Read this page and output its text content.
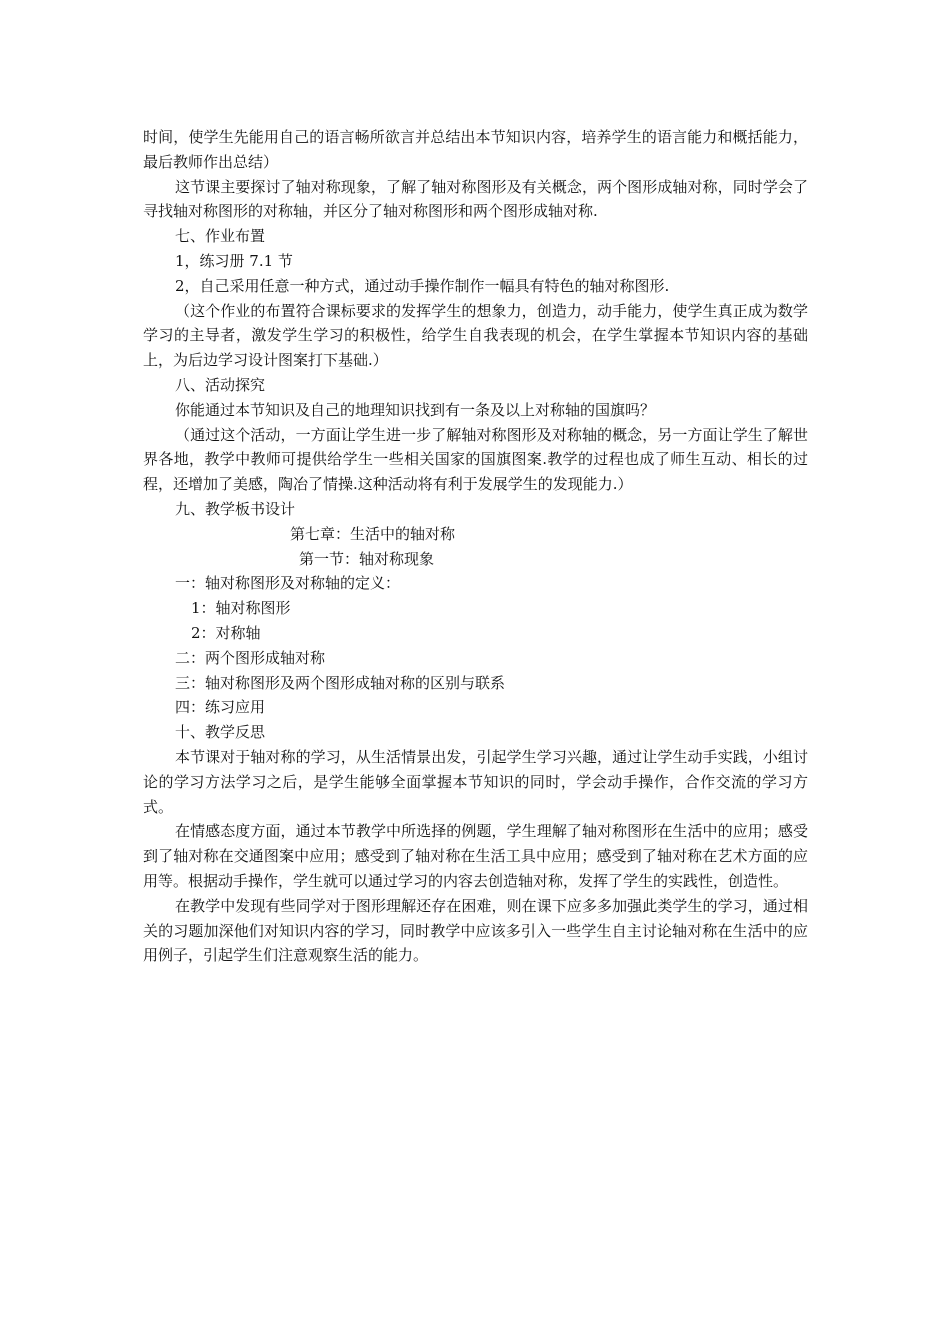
时间，使学生先能用自己的语言畅所欲言并总结出本节知识内容，培养学生的语言能力和概括能力，最后教师作出总结）

这节课主要探讨了轴对称现象，了解了轴对称图形及有关概念，两个图形成轴对称，同时学会了寻找轴对称图形的对称轴，并区分了轴对称图形和两个图形成轴对称.

七、作业布置

1，练习册 7.1 节

2，自己采用任意一种方式，通过动手操作制作一幅具有特色的轴对称图形.

（这个作业的布置符合课标要求的发挥学生的想象力，创造力，动手能力，使学生真正成为数学学习的主导者，激发学生学习的积极性，给学生自我表现的机会，在学生掌握本节知识内容的基础上，为后边学习设计图案打下基础.）

八、活动探究

你能通过本节知识及自己的地理知识找到有一条及以上对称轴的国旗吗？

（通过这个活动，一方面让学生进一步了解轴对称图形及对称轴的概念，另一方面让学生了解世界各地，教学中教师可提供给学生一些相关国家的国旗图案.教学的过程也成了师生互动、相长的过程，还增加了美感，陶冶了情操.这种活动将有利于发展学生的发现能力.）

九、教学板书设计

第七章：生活中的轴对称

第一节：轴对称现象

一：轴对称图形及对称轴的定义：

1：轴对称图形

2：对称轴

二：两个图形成轴对称

三：轴对称图形及两个图形成轴对称的区别与联系

四：练习应用

十、教学反思

本节课对于轴对称的学习，从生活情景出发，引起学生学习兴趣，通过让学生动手实践，小组讨论的学习方法学习之后，是学生能够全面掌握本节知识的同时，学会动手操作，合作交流的学习方式。

在情感态度方面，通过本节教学中所选择的例题，学生理解了轴对称图形在生活中的应用；感受到了轴对称在交通图案中应用；感受到了轴对称在生活工具中应用；感受到了轴对称在艺术方面的应用等。根据动手操作，学生就可以通过学习的内容去创造轴对称，发挥了学生的实践性，创造性。

在教学中发现有些同学对于图形理解还存在困难，则在课下应多多加强此类学生的学习，通过相关的习题加深他们对知识内容的学习，同时教学中应该多引入一些学生自主讨论轴对称在生活中的应用例子，引起学生们注意观察生活的能力。
